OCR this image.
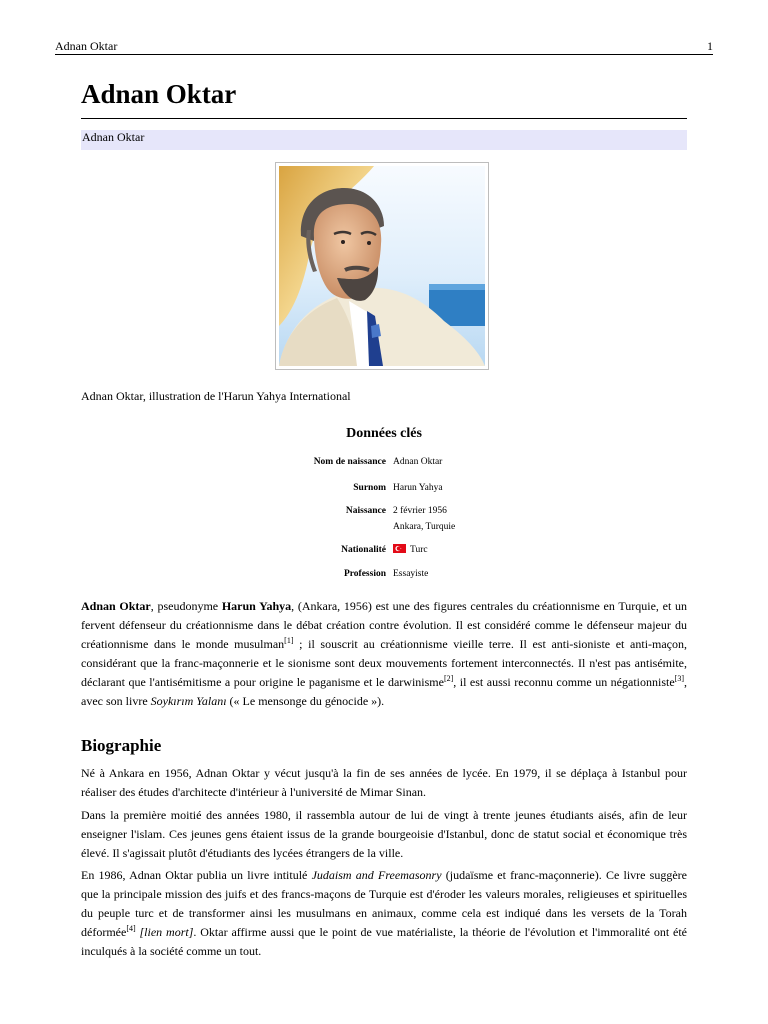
Adnan Oktar	1
Adnan Oktar
Adnan Oktar
Adnan Oktar, illustration de l'Harun Yahya International
Données clés
Nom de naissance Adnan Oktar
Surnom Harun Yahya
Naissance 2 février 1956
Ankara, Turquie
Nationalité	Turc
Profession Essayiste

Adnan Oktar, pseudonyme Harun Yahya, (Ankara, 1956) est une des figures centrales du créationnisme en Turquie, et un fervent défenseur du créationnisme dans le débat création contre évolution. Il est considéré comme le défenseur majeur du créationnisme dans le monde musulman[1] ; il souscrit au créationnisme vieille terre. Il est anti-sioniste et anti-maçon, considérant que la franc-maçonnerie et le sionisme sont deux mouvements fortement interconnectés. Il n'est pas antisémite, déclarant que l'antisémitisme a pour origine le paganisme et le darwinisme[2], il est aussi reconnu comme un négationniste[3], avec son livre Soykırım Yalanı (« Le mensonge du génocide »).

Biographie

Né à Ankara en 1956, Adnan Oktar y vécut jusqu'à la fin de ses années de lycée. En 1979, il se déplaça à Istanbul pour réaliser des études d'architecte d'intérieur à l'université de Mimar Sinan.

Dans la première moitié des années 1980, il rassembla autour de lui de vingt à trente jeunes étudiants aisés, afin de leur enseigner l'islam. Ces jeunes gens étaient issus de la grande bourgeoisie d'Istanbul, donc de statut social et économique très élevé. Il s'agissait plutôt d'étudiants des lycées étrangers de la ville.

En 1986, Adnan Oktar publia un livre intitulé Judaism and Freemasonry (judaïsme et franc-maçonnerie). Ce livre suggère que la principale mission des juifs et des francs-maçons de Turquie est d'éroder les valeurs morales, religieuses et spirituelles du peuple turc et de transformer ainsi les musulmans en animaux, comme cela est indiqué dans les versets de la Torah déformée[4] [lien mort]. Oktar affirme aussi que le point de vue matérialiste, la théorie de l'évolution et l'immoralité ont été inculqués à la société comme un tout.
